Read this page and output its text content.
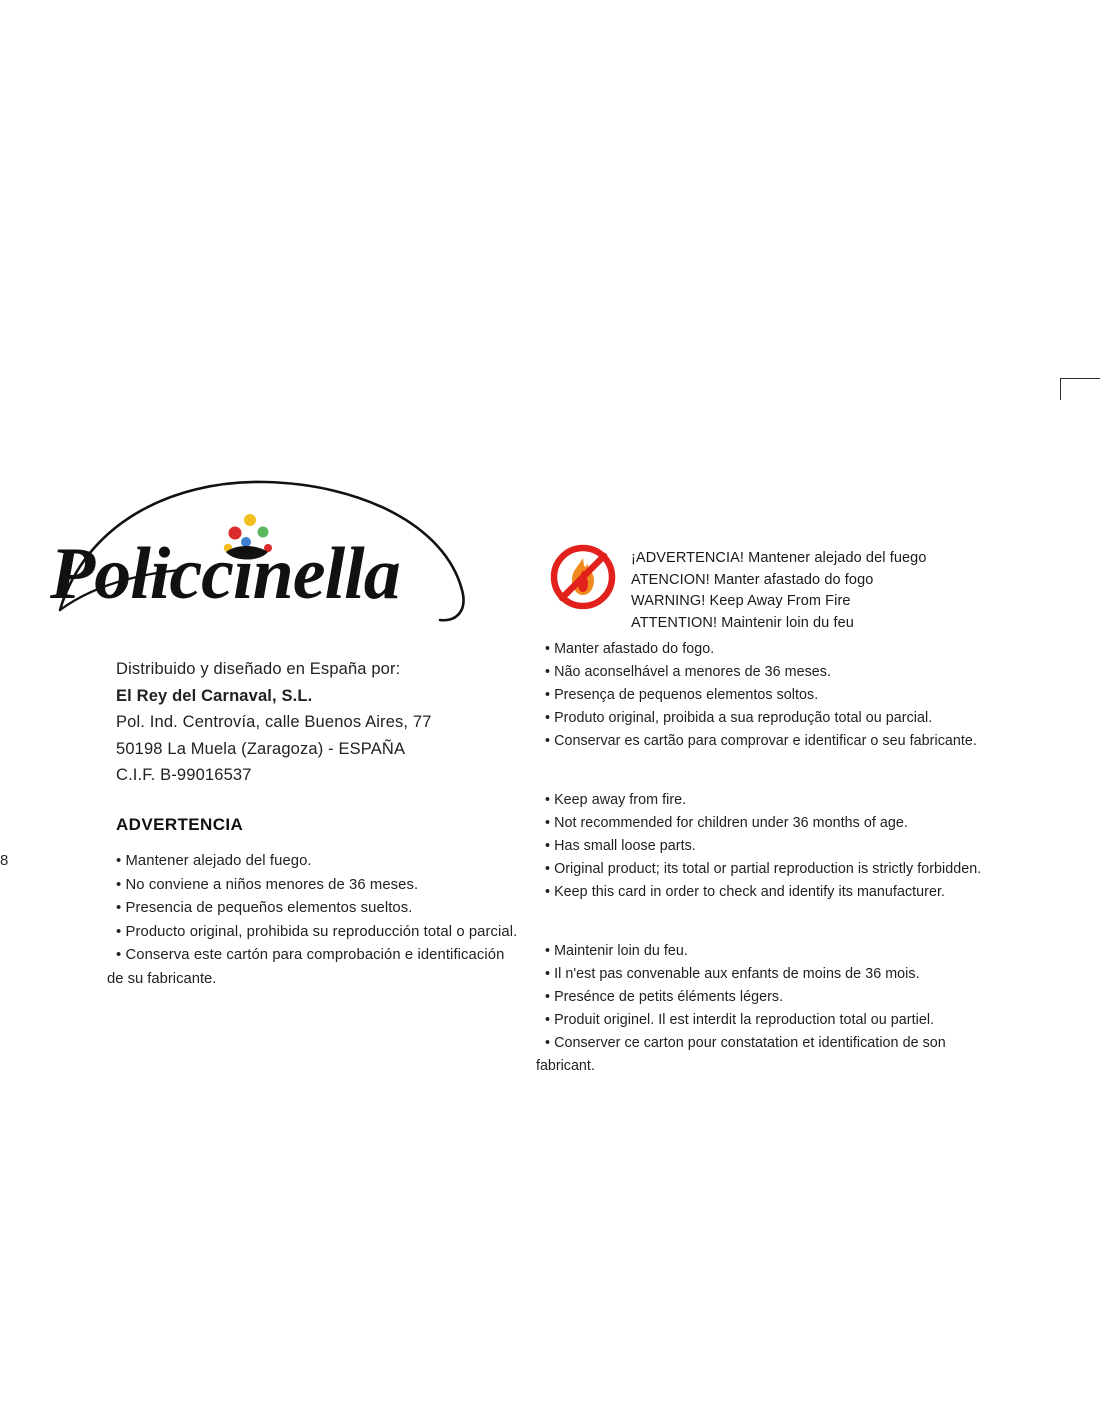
8
Policcinella
Distribuido y diseñado en España por:
El Rey del Carnaval, S.L.
Pol. Ind. Centrovía, calle Buenos Aires, 77
50198 La Muela (Zaragoza) - ESPAÑA
C.I.F. B-99016537
ADVERTENCIA
• Mantener alejado del fuego.
• No conviene a niños menores de 36 meses.
• Presencia de pequeños elementos sueltos.
• Producto original, prohibida su reproducción total o parcial.
• Conserva este cartón para comprobación e identificación
de su fabricante.
¡ADVERTENCIA! Mantener alejado del fuego
ATENCION! Manter afastado do fogo
WARNING! Keep Away From Fire
ATTENTION! Maintenir loin du feu
• Manter afastado do fogo.
• Não aconselhável a menores de 36 meses.
• Presença de pequenos elementos soltos.
• Produto original, proibida a sua reprodução total ou parcial.
• Conservar es cartão para comprovar e identificar o seu fabricante.
• Keep away from fire.
• Not recommended for children under 36 months of age.
• Has small loose parts.
• Original product; its total or partial reproduction is strictly forbidden.
• Keep this card in order to check and identify its manufacturer.
• Maintenir loin du feu.
• Il n'est pas convenable aux enfants de moins de 36 mois.
• Presénce de petits éléments légers.
• Produit originel. Il est interdit la reproduction total ou partiel.
• Conserver ce carton pour constatation et identification de son
fabricant.
